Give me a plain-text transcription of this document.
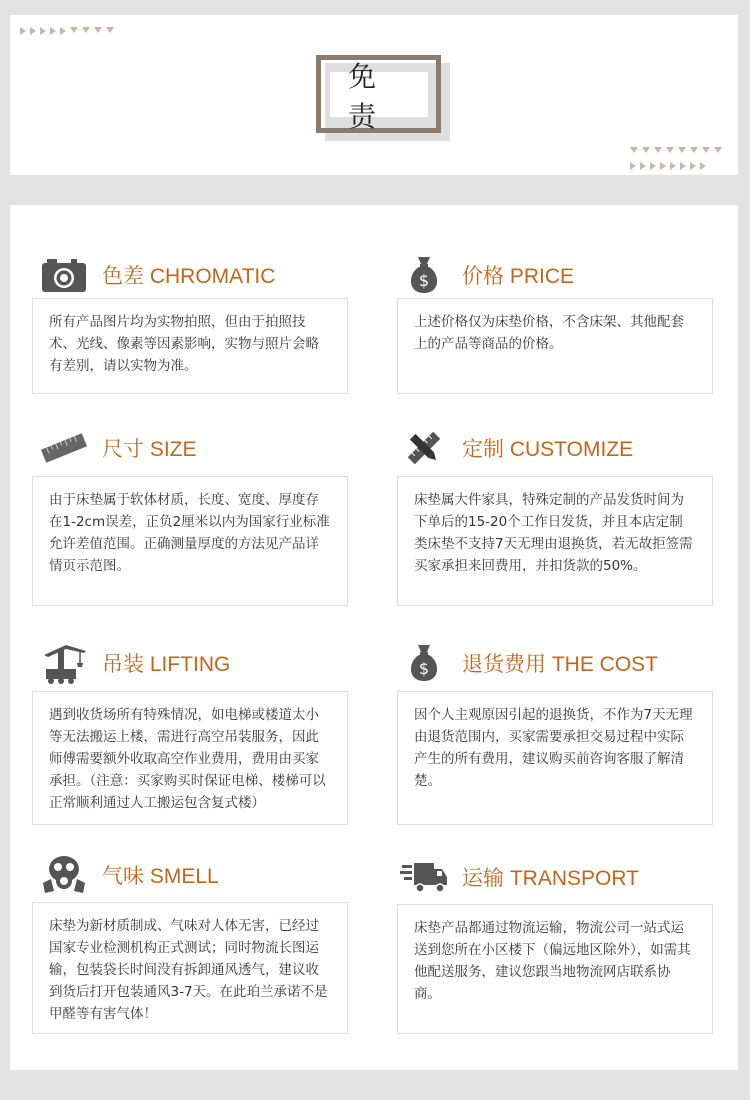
免 责
色差 CHROMATIC
所有产品图片均为实物拍照，但由于拍照技术、光线、像素等因素影响，实物与照片会略有差别，请以实物为准。
$ 价格 PRICE
上述价格仅为床垫价格，不含床架、其他配套上的产品等商品的价格。
尺寸 SIZE
由于床垫属于软体材质，长度、宽度、厚度存在1-2cm误差，正负2厘米以内为国家行业标准允许差值范围。正确测量厚度的方法见产品详情页示范图。
定制 CUSTOMIZE
床垫属大件家具，特殊定制的产品发货时间为下单后的15-20个工作日发货，并且本店定制类床垫不支持7天无理由退换货，若无故拒签需买家承担来回费用，并扣货款的50%。
吊装 LIFTING
遇到收货场所有特殊情况，如电梯或楼道太小等无法搬运上楼，需进行高空吊装服务，因此师傅需要额外收取高空作业费用，费用由买家承担。（注意：买家购买时保证电梯、楼梯可以正常顺利通过人工搬运包含复式楼）
$ 退货费用 THE COST
因个人主观原因引起的退换货，不作为7天无理由退货范围内，买家需要承担交易过程中实际产生的所有费用，建议购买前咨询客服了解清楚。
气味 SMELL
床垫为新材质制成、气味对人体无害，已经过国家专业检测机构正式测试；同时物流长图运输，包装袋长时间没有拆卸通风透气，建议收到货后打开包装通风3-7天。在此珀兰承诺不是甲醛等有害气体！
运输 TRANSPORT
床垫产品都通过物流运输，物流公司一站式运送到您所在小区楼下（偏远地区除外），如需其他配送服务，建议您跟当地物流网店联系协商。
